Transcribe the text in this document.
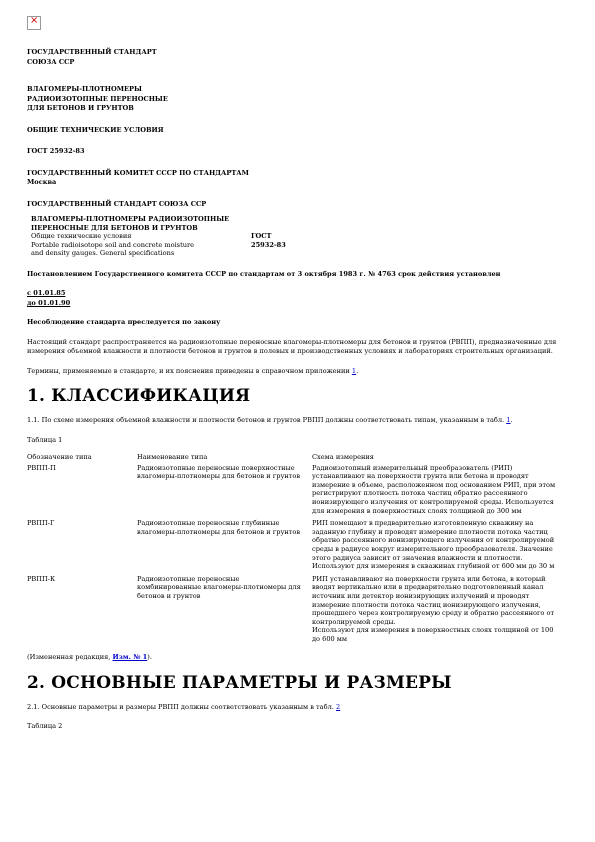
×
ГОСУДАРСТВЕННЫЙ СТАНДАРТ
СОЮЗА ССР
ВЛАГОМЕРЫ-ПЛОТНОМЕРЫ
РАДИОИЗОТОПНЫЕ ПЕРЕНОСНЫЕ
ДЛЯ БЕТОНОВ И ГРУНТОВ
ОБЩИЕ ТЕХНИЧЕСКИЕ УСЛОВИЯ
ГОСТ 25932-83
ГОСУДАРСТВЕННЫЙ КОМИТЕТ СССР ПО СТАНДАРТАМ
Москва
ГОСУДАРСТВЕННЫЙ СТАНДАРТ СОЮЗА ССР
ВЛАГОМЕРЫ-ПЛОТНОМЕРЫ РАДИОИЗОТОПНЫЕ
ПЕРЕНОСНЫЕ ДЛЯ БЕТОНОВ И ГРУНТОВ
Общие технические условия
Portable radioisotope soil and concrete moisture
and density gauges. General specifications

ГОСТ
25932-83

Постановлением Государственного комитета СССР по стандартам от 3 октября 1983 г. № 4763 срок действия установлен

с 01.01.85
до 01.01.90

Несоблюдение стандарта преследуется по закону

Настоящий стандарт распространяется на радиоизотопные переносные влагомеры-плотномеры для бетонов и грунтов (РВПП), предназначенные для измерения объемной влажности и плотности бетонов и грунтов в полевых и производственных условиях и лабораториях строительных организаций.

Термины, применяемые в стандарте, и их пояснения приведены в справочном приложении 1.

1. КЛАССИФИКАЦИЯ

1.1. По схеме измерения объемной влажности и плотности бетонов и грунтов РВПП должны соответствовать типам, указанным в табл. 1.

Таблица 1

Обозначение типа	Наименование типа	Схема измерения
РВПП-П	Радиоизотопные переносные поверхностные влагомеры-плотномеры для бетонов и грунтов	Радиоизотопный измерительный преобразователь (РИП) устанавливают на поверхности грунта или бетона и проводят измерение в объеме, расположенном под основанием РИП, при этом регистрируют плотность потока частиц обратно рассеянного ионизирующего излучения от контролируемой среды. Используется для измерения в поверхностных слоях толщиной до 300 мм
РВПП-Г	Радиоизотопные переносные глубинные влагомеры-плотномеры для бетонов и грунтов	РИП помещают в предварительно изготовленную скважину на заданную глубину и проводят измерение плотности потока частиц обратно рассеянного ионизирующего излучения от контролируемой среды в радиусе вокруг измерительного преобразователя. Значение этого радиуса зависит от значения влажности и плотности.
Используют для измерения в скважинах глубиной от 600 мм до 30 м
РВПП-К	Радиоизотопные переносные комбинированные влагомеры-плотномеры для бетонов и грунтов	РИП устанавливают на поверхности грунта или бетона, в который вводят вертикально или в предварительно подготовленный канал источник или детектор ионизирующих излучений и проводят измерение плотности потока частиц ионизирующего излучения, прошедшего через контролируемую среду и обратно рассеянного от контролируемой среды.
Используют для измерения в поверхностных слоях толщиной от 100 до 600 мм

(Измененная редакция, Изм. № 1).

2. ОСНОВНЫЕ ПАРАМЕТРЫ И РАЗМЕРЫ

2.1. Основные параметры и размеры РВПП должны соответствовать указанным в табл. 2

Таблица 2
